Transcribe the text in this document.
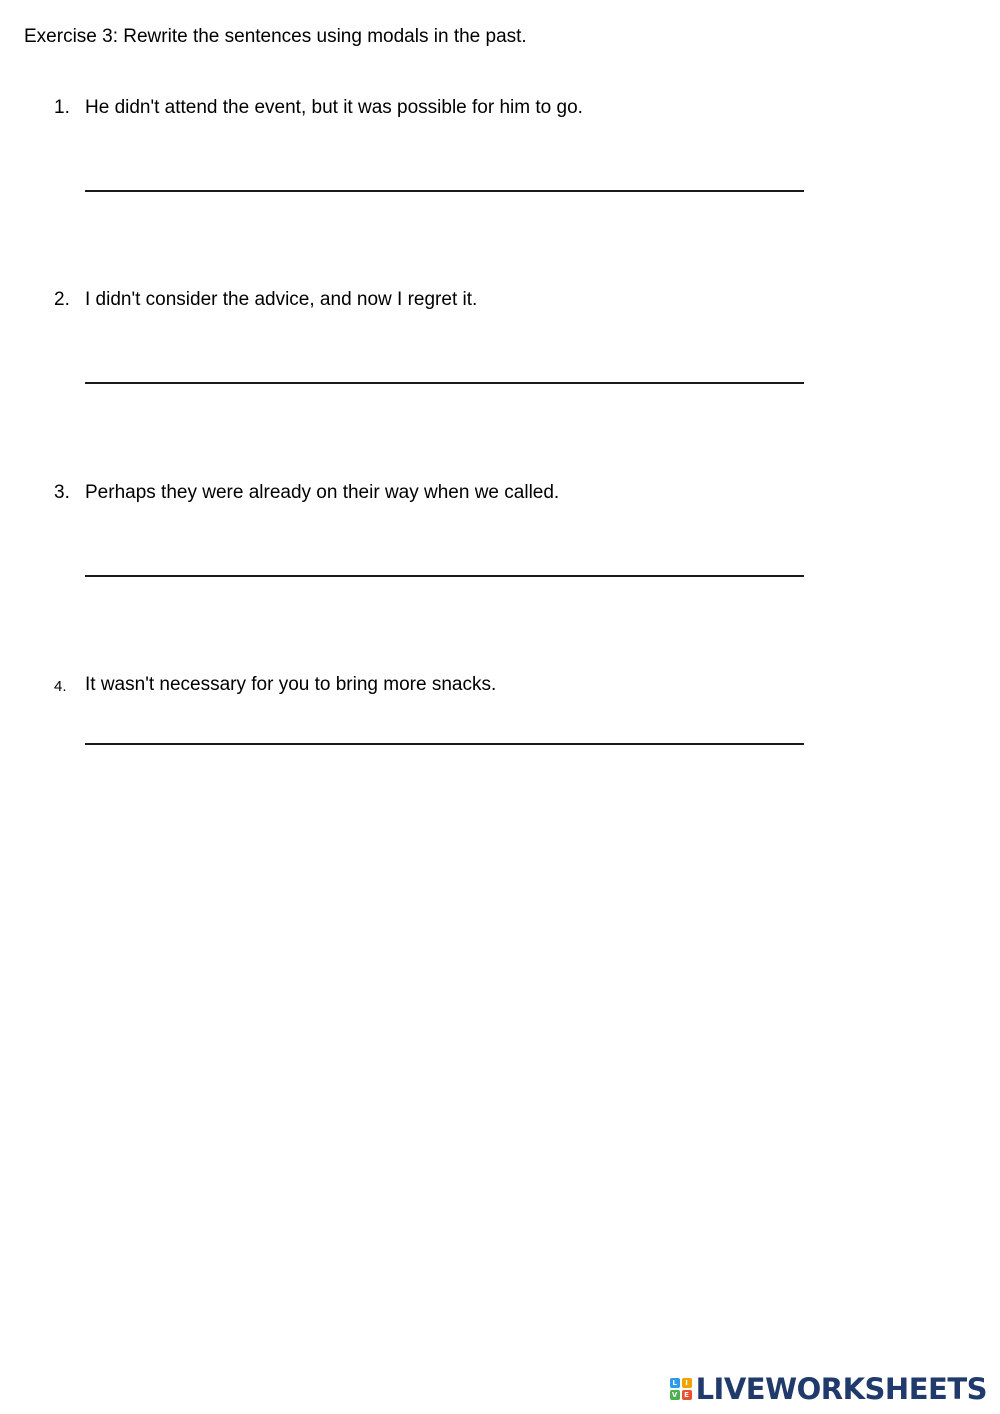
Exercise 3: Rewrite the sentences using modals in the past.
1. He didn't attend the event, but it was possible for him to go.
2. I didn't consider the advice, and now I regret it.
3. Perhaps they were already on their way when we called.
4. It wasn't necessary for you to bring more snacks.
L	I
V E LIVEWORKSHEETS
